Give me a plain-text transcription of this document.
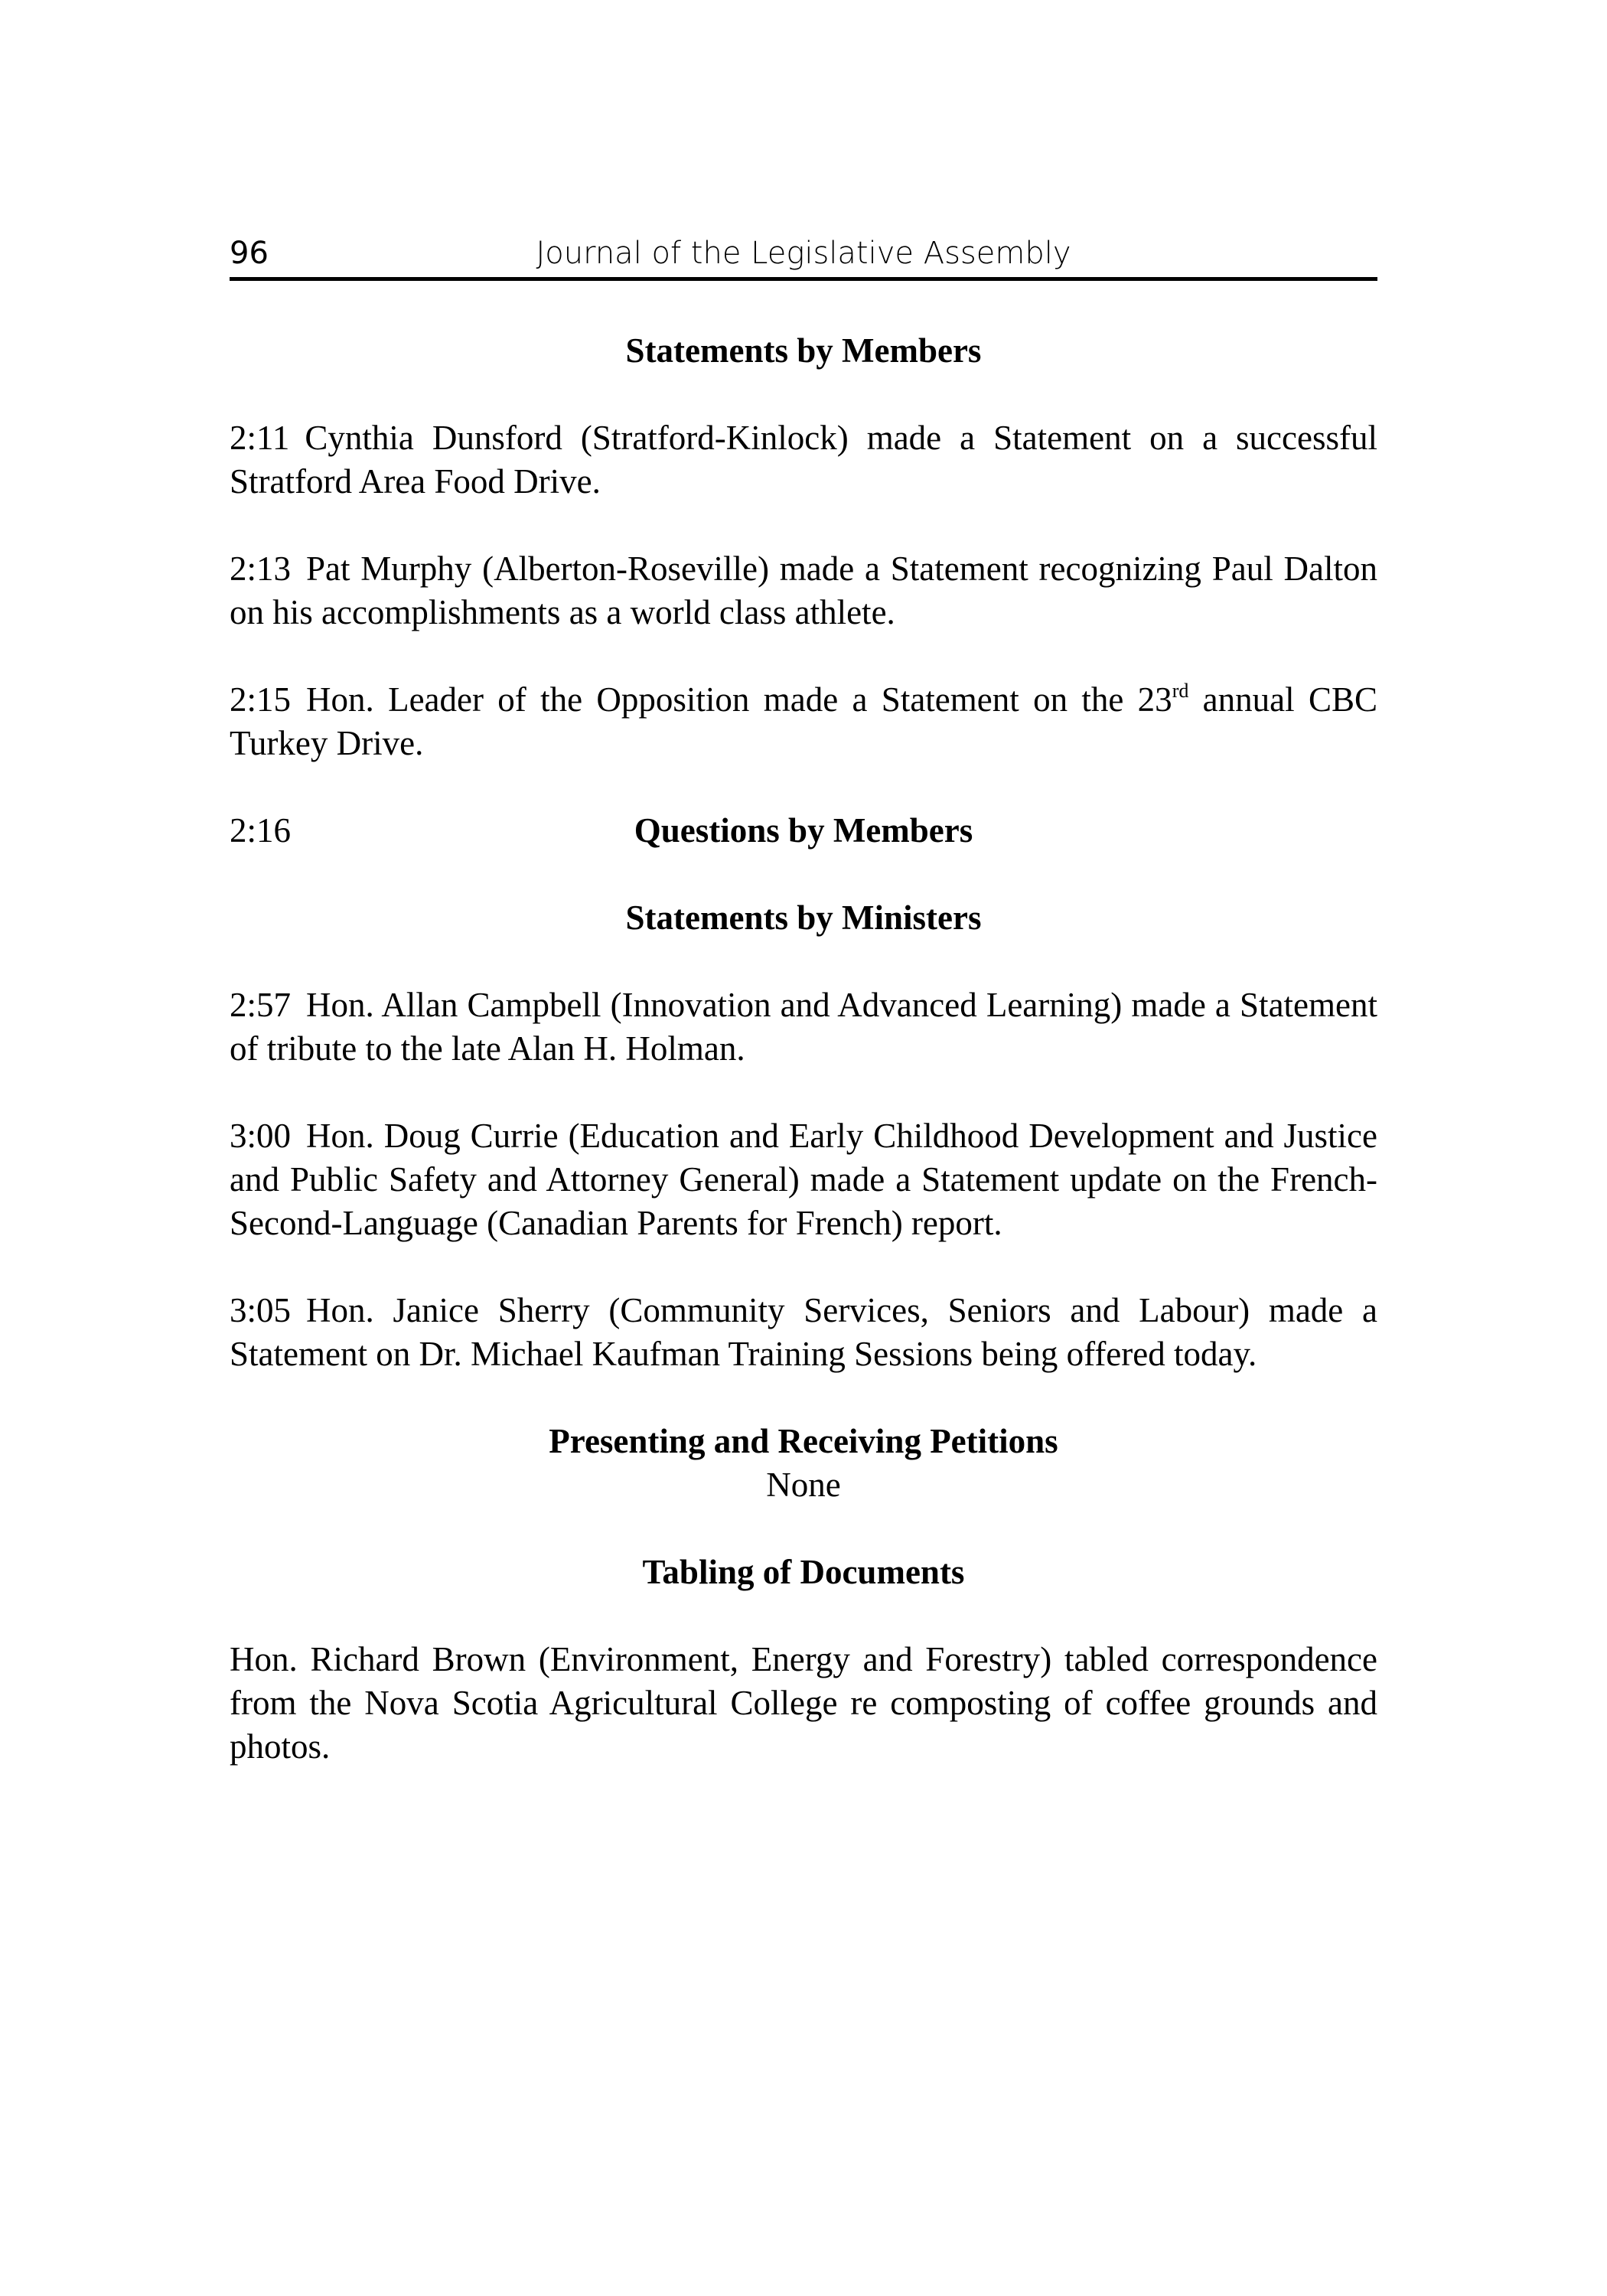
96	Journal of the Legislative Assembly
Statements by Members

2:11 Cynthia Dunsford (Stratford-Kinlock) made a Statement on a successful Stratford Area Food Drive.

2:13 Pat Murphy (Alberton-Roseville) made a Statement recognizing Paul Dalton on his accomplishments as a world class athlete.

2:15 Hon. Leader of the Opposition made a Statement on the 23rd annual CBC Turkey Drive.

2:16	Questions by Members
Statements by Ministers

2:57 Hon. Allan Campbell (Innovation and Advanced Learning) made a Statement of tribute to the late Alan H. Holman.

3:00 Hon. Doug Currie (Education and Early Childhood Development and Justice and Public Safety and Attorney General) made a Statement update on the French-Second-Language (Canadian Parents for French) report.

3:05 Hon. Janice Sherry (Community Services, Seniors and Labour) made a Statement on Dr. Michael Kaufman Training Sessions being offered today.

Presenting and Receiving Petitions
None
Tabling of Documents

Hon. Richard Brown (Environment, Energy and Forestry) tabled correspondence from the Nova Scotia Agricultural College re composting of coffee grounds and photos.
